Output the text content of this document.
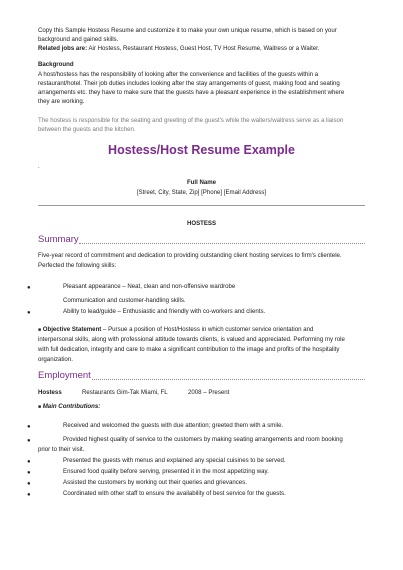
Copy this Sample Hostess Resume and customize it to make your own unique resume, which is based on your
background and gained skills.
Related jobs are: Air Hostess, Restaurant Hostess, Guest Host, TV Host Resume, Waitress or a Waiter.
Background
A host/hostess has the responsibility of looking after the convenience and facilities of the guests within a
restaurant/hotel. Their job duties includes looking after the stay arrangements of guest, making food and seating
arrangements etc. they have to make sure that the guests have a pleasant experience in the establishment where
they are working.
The hostess is responsible for the seating and greeting of the guest's while the waiters/waitress serve as a liaison
between the guests and the kitchen.
Hostess/Host Resume Example
.
Full Name
[Street, City, State, Zip] [Phone] [Email Address]
HOSTESS
Summary
Five-year record of commitment and dedication to providing outstanding client hosting services to firm's clientele.
Perfected the following skills:
●	Pleasant appearance – Neat, clean and non-offensive wardrobe
Communication and customer-handling skills.
●	Ability to lead/guide – Enthusiastic and friendly with co-workers and clients.
■ Objective Statement – Pursue a position of Host/Hostess in which customer service orientation and
interpersonal skills, along with professional attitude towards clients, is valued and appreciated. Performing my role
with full dedication, integrity and care to make a significant contribution to the image and profits of the hospitality
organization.
Employment
Hostess	Restaurants Gim-Tak Miami, FL	2008 – Present
■ Main Contributions:
●	Received and welcomed the guests with due attention; greeted them with a smile.
●	Provided highest quality of service to the customers by making seating arrangements and room booking
prior to their visit.
●	Presented the guests with menus and explained any special cuisines to be served.
●	Ensured food quality before serving, presented it in the most appetizing way.
●	Assisted the customers by working out their queries and grievances.
●	Coordinated with other staff to ensure the availability of best service for the guests.
